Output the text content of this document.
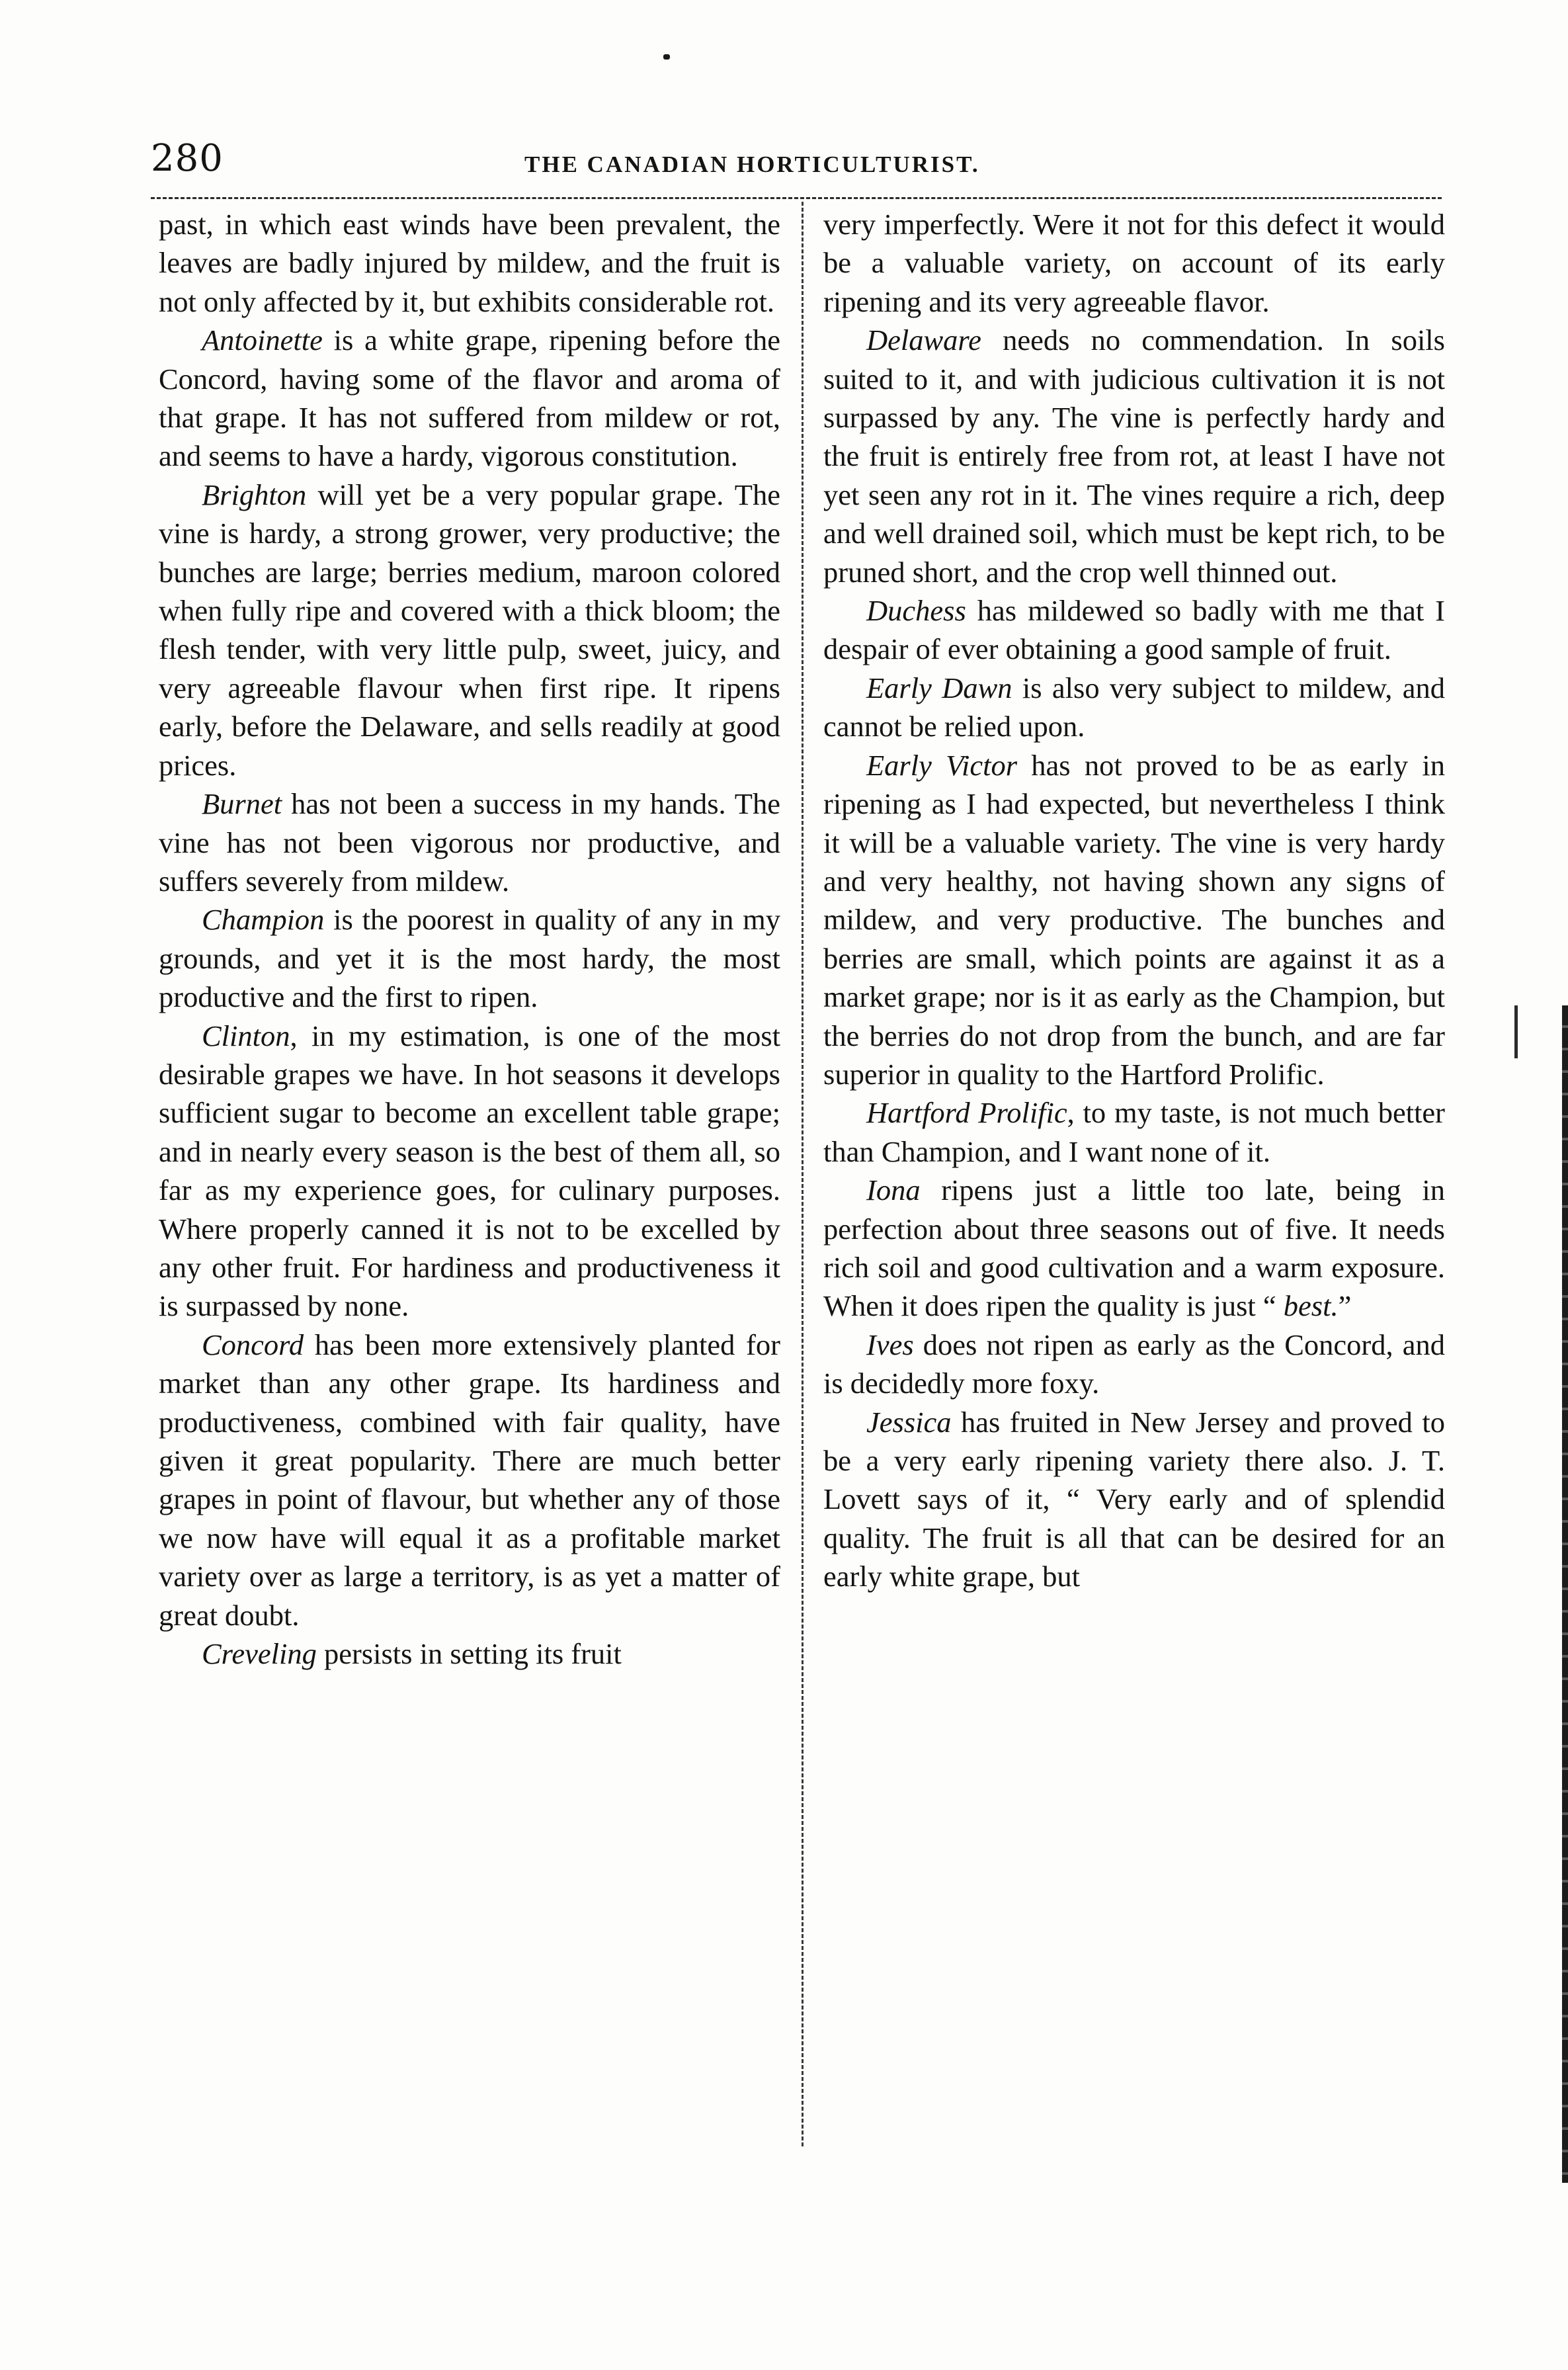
280	THE CANADIAN HORTICULTURIST.

past, in which east winds have been prevalent, the leaves are badly injured by mildew, and the fruit is not only affected by it, but exhibits considerable rot.

Antoinette is a white grape, ripening before the Concord, having some of the flavor and aroma of that grape. It has not suffered from mildew or rot, and seems to have a hardy, vigorous constitution.

Brighton will yet be a very popular grape. The vine is hardy, a strong grower, very productive; the bunches are large; berries medium, maroon colored when fully ripe and covered with a thick bloom; the flesh tender, with very little pulp, sweet, juicy, and very agreeable flavour when first ripe. It ripens early, before the Delaware, and sells readily at good prices.

Burnet has not been a success in my hands. The vine has not been vigorous nor productive, and suffers severely from mildew.

Champion is the poorest in quality of any in my grounds, and yet it is the most hardy, the most productive and the first to ripen.

Clinton, in my estimation, is one of the most desirable grapes we have. In hot seasons it develops sufficient sugar to become an excellent table grape; and in nearly every season is the best of them all, so far as my experience goes, for culinary purposes. Where properly canned it is not to be excelled by any other fruit. For hardiness and productiveness it is surpassed by none.

Concord has been more extensively planted for market than any other grape. Its hardiness and productiveness, combined with fair quality, have given it great popularity. There are much better grapes in point of flavour, but whether any of those we now have will equal it as a profitable market variety over as large a territory, is as yet a matter of great doubt.

Creveling persists in setting its fruit

very imperfectly. Were it not for this defect it would be a valuable variety, on account of its early ripening and its very agreeable flavor.

Delaware needs no commendation. In soils suited to it, and with judicious cultivation it is not surpassed by any. The vine is perfectly hardy and the fruit is entirely free from rot, at least I have not yet seen any rot in it. The vines require a rich, deep and well drained soil, which must be kept rich, to be pruned short, and the crop well thinned out.

Duchess has mildewed so badly with me that I despair of ever obtaining a good sample of fruit.

Early Dawn is also very subject to mildew, and cannot be relied upon.

Early Victor has not proved to be as early in ripening as I had expected, but nevertheless I think it will be a valuable variety. The vine is very hardy and very healthy, not having shown any signs of mildew, and very productive. The bunches and berries are small, which points are against it as a market grape; nor is it as early as the Champion, but the berries do not drop from the bunch, and are far superior in quality to the Hartford Prolific.

Hartford Prolific, to my taste, is not much better than Champion, and I want none of it.

Iona ripens just a little too late, being in perfection about three seasons out of five. It needs rich soil and good cultivation and a warm exposure. When it does ripen the quality is just “ best.”

Ives does not ripen as early as the Concord, and is decidedly more foxy.

Jessica has fruited in New Jersey and proved to be a very early ripening variety there also. J. T. Lovett says of it, “ Very early and of splendid quality. The fruit is all that can be desired for an early white grape, but
